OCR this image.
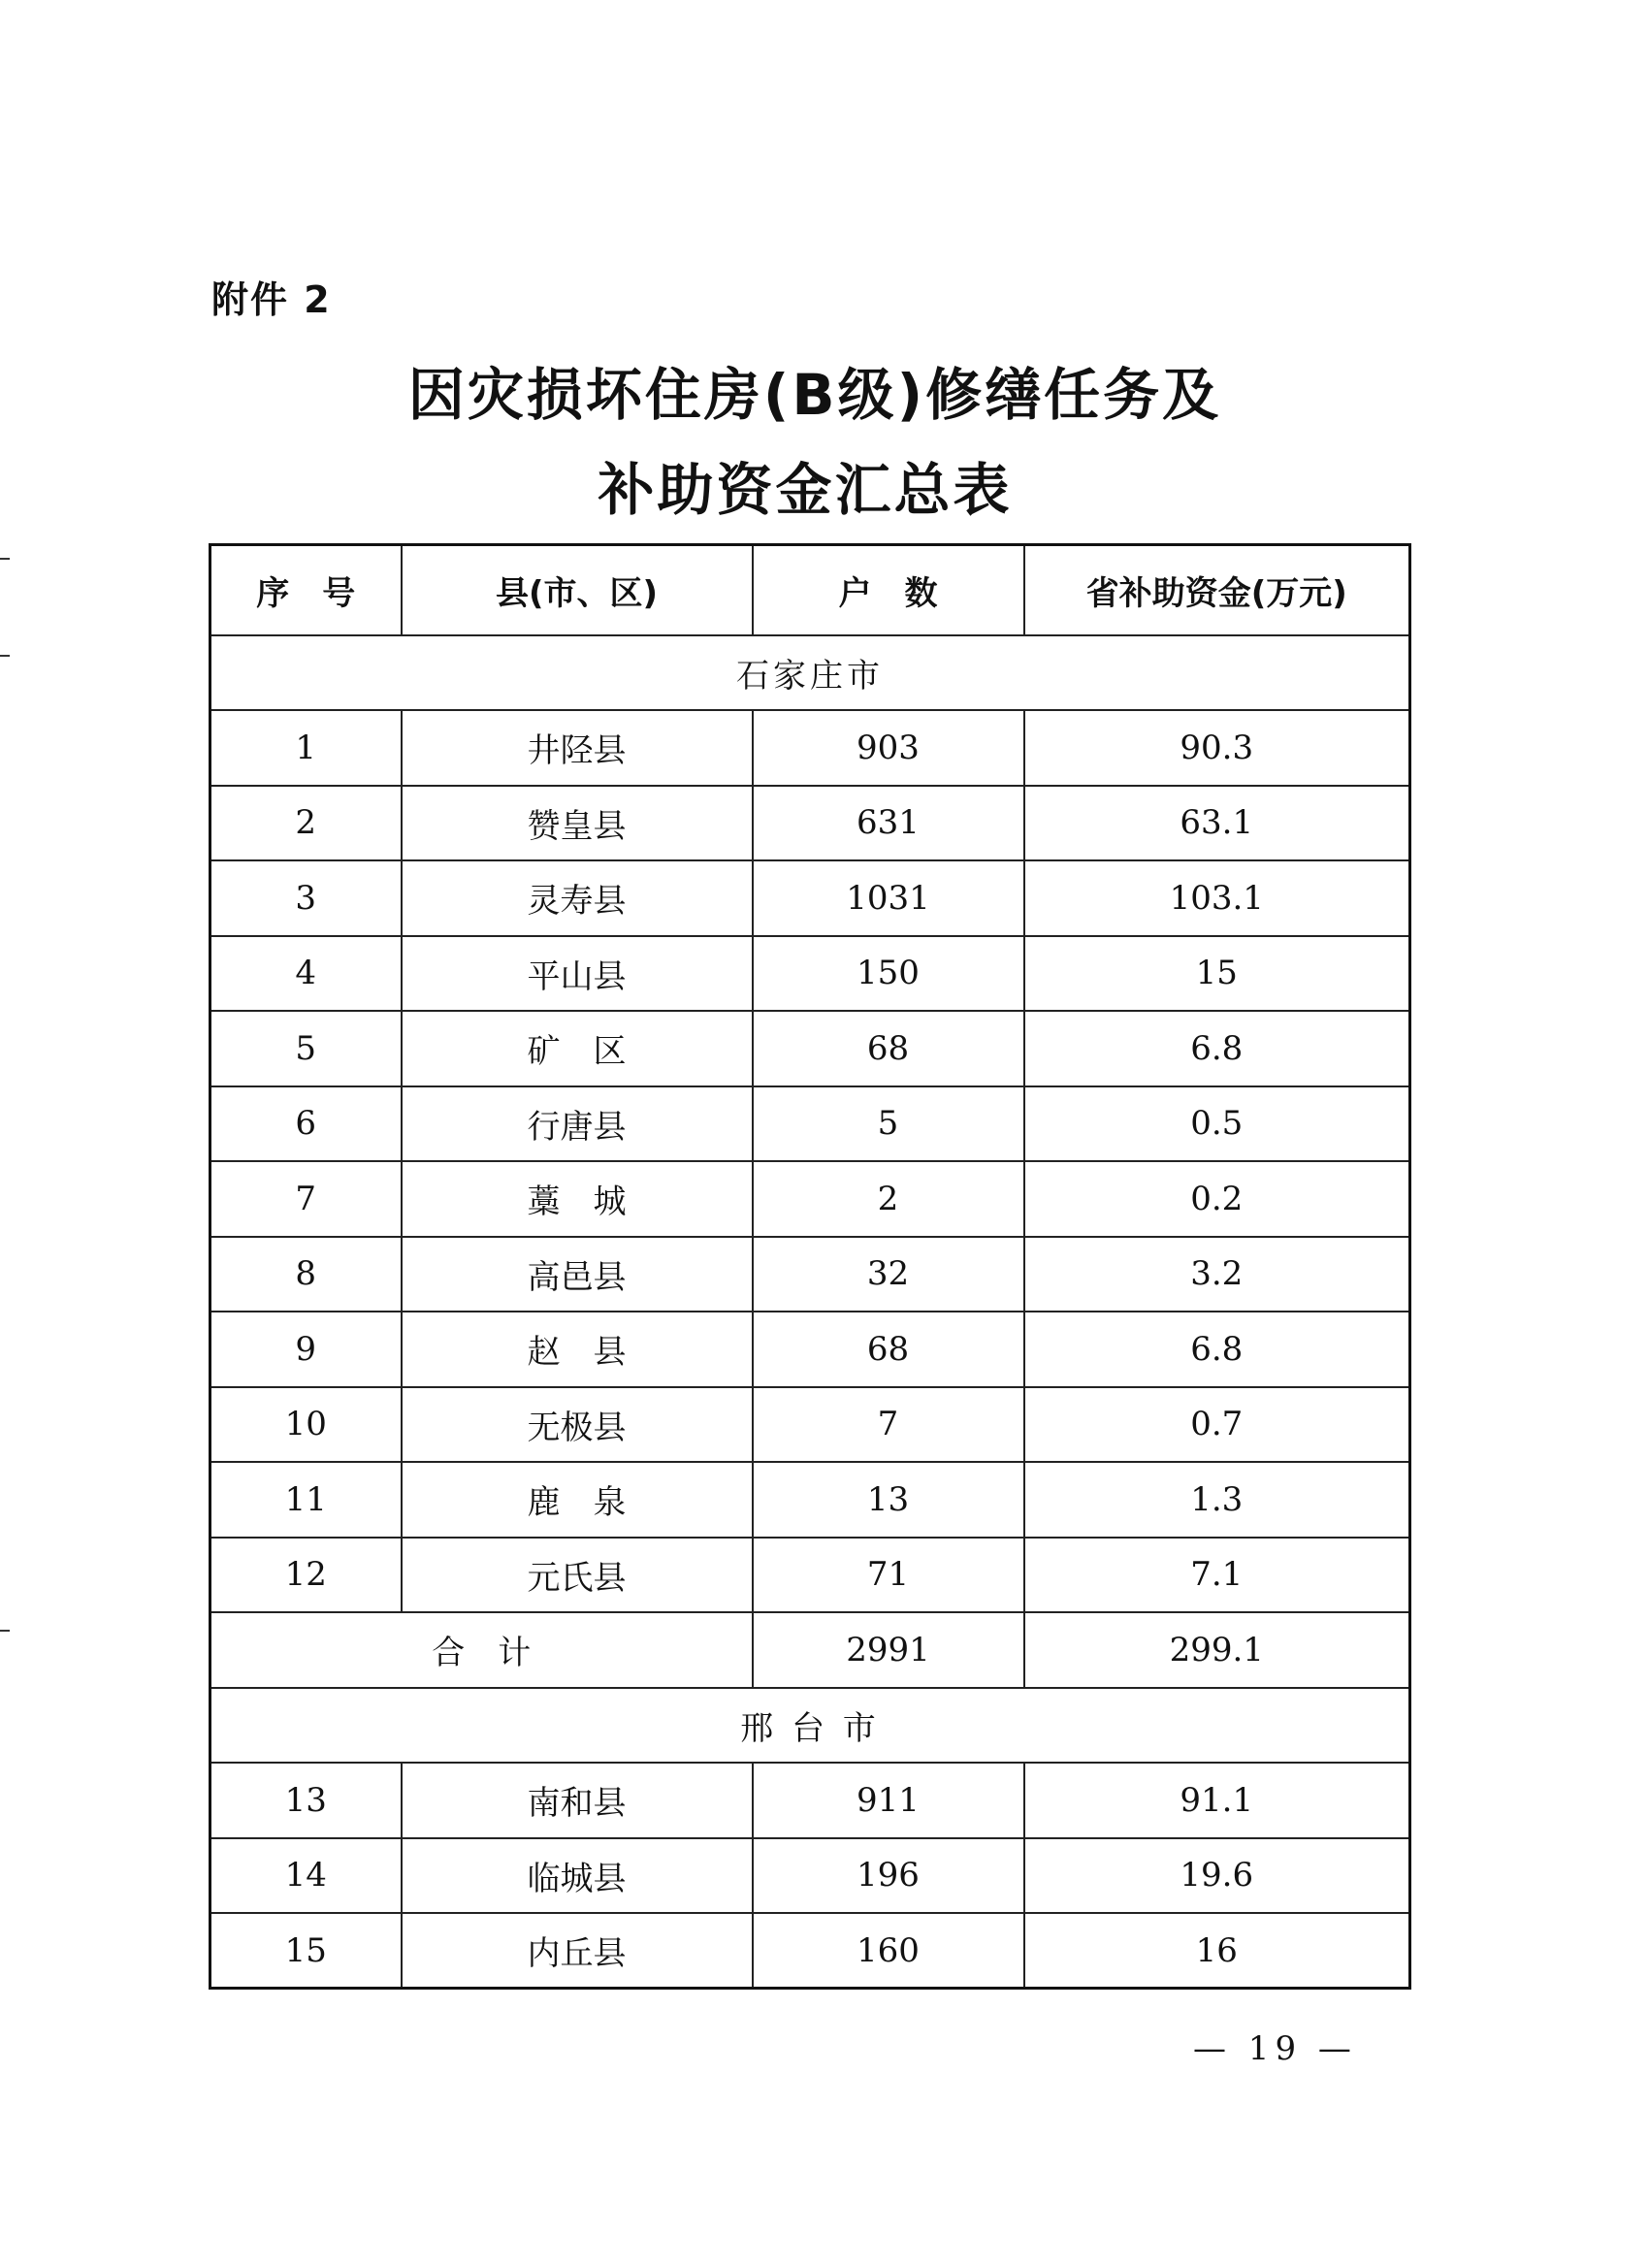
附件 2
因灾损坏住房(B级)修缮任务及
补助资金汇总表
序　号	县(市、区)	户　数	省补助资金(万元)
石家庄市			
1	井陉县	903	90.3
2	赞皇县	631	63.1
3	灵寿县	1031	103.1
4	平山县	150	15
5	矿　区	68	6.8
6	行唐县	5	0.5
7	藁　城	2	0.2
8	高邑县	32	3.2
9	赵　县	68	6.8
10	无极县	7	0.7
11	鹿　泉	13	1.3
12	元氏县	71	7.1
合　计		2991	299.1
邢 台 市			
13	南和县	911	91.1
14	临城县	196	19.6
15	内丘县	160	16
— 19 —
